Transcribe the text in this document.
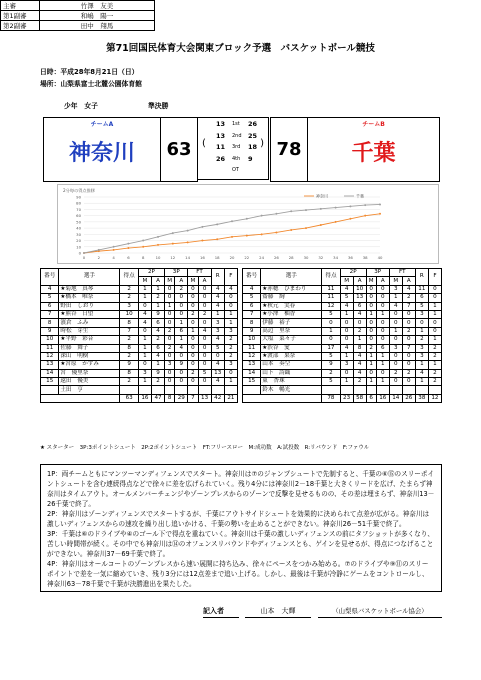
第71回国民体育大会関東ブロック予選　バスケットボール競技
日時：平成28年8月21日（日）
場所：山梨県富士北麓公園体育館
少年　女子	準決勝
主審	竹澤　友美
第1副審	和嶋　陽一
第2副審	田中　翔馬
チームA
神奈川	63	(	)
13 1st 26
13 2nd 25
11 3rd 18
26 4th 9
OT
78
チームB
千葉
2分毎の得点推移
0
10
20
30
40
50
60
70
80
90
0	2	4	6	8	10	12	14	16	18	20	22	24	26	28	30	32	34	36	38	40
神奈川	千葉
番号	選手	得点	2P		3P		FT		R	F
			M	A	M	A	M	A		
4	★菊地　真琴	2	1	1	0	2	0	0	4	4
5	★橋本　唯奈	2	1	2	0	0	0	0	4	0
6	野田　しおり	3	0	1	1	0	0	0	4	0
7	★熊谷　日望	10	4	9	0	0	2	2	1	1
8	濱倉　ふみ	8	4	6	0	1	0	0	3	1
9	時松　芽生	7	0	4	2	6	1	4	3	3
10	★平野　彩音	2	1	2	0	1	0	0	4	2
11	佐藤　舞子	8	1	6	2	4	0	0	5	2
12	深山　明樹	2	1	4	0	0	0	0	0	2
13	★宮原　かすみ	9	0	1	3	9	0	0	4	3
14	宮　優里奈	8	3	9	0	0	2	5	13	0
15	遠田　優美	2	1	2	0	0	0	0	4	1
	土田　亨									
		63	16	47	8	29	7	13	42	21
番号	選手	得点	2P		3P		FT		R	F
			M	A	M	A	M	A		
4	★赤穂　ひまわり	11	4	10	0	0	3	4	11	0
5	齋藤　絢	11	5	13	0	0	1	2	6	0
6	★秋元　実春	12	4	6	0	0	4	7	5	1
7	★小澤　柚香	5	1	4	1	1	0	0	3	1
8	伊藤　裕子	0	0	0	0	0	0	0	0	0
9	高辺　里奈	1	0	2	0	0	1	2	1	0
10	大塩　菜々子	0	0	1	0	0	0	0	2	1
11	★渋谷　愛	17	4	8	2	6	3	7	3	2
12	★渡部　果奈	5	1	4	1	1	0	0	3	2
13	山本　奏空	9	3	4	1	1	0	0	1	1
14	山下　詩織	2	0	4	0	0	2	2	4	2
15	東　杏珠	5	1	2	1	1	0	0	1	2
	鈴木　暢光									
		78	23	58	6	16	14	26	38	12
★ スターター　3P:3ポイントシュート　2P:2ポイントシュート　FT:フリースロー　M:成功数　A:試投数　R:リバウンド　F:ファウル

1P：両チームともにマンツーマンディフェンスでスタート。神奈川は⑦のジャンプシュートで先制すると、千葉の⑥⑮のスリーポイントシュートを含む連続得点などで徐々に差を広げられていく。残り4分には神奈川2－18千葉と大きくリードを広げ、たまらず神奈川はタイムアウト。オールメンバーチェンジやゾーンプレスからのゾーンで反撃を見せるものの、その差は埋まらず、神奈川13－26千葉で終了。

2P：神奈川はゾーンディフェンスでスタートするが、千葉にアウトサイドシュートを効果的に決められて点差が広がる。神奈川は激しいディフェンスからの速攻を繰り出し追いかける、千葉の勢いを止めることができない。神奈川26－51千葉で終了。

3P：千葉は⑥のドライブや④のゴール下で得点を重ねていく。神奈川は千葉の激しいディフェンスの前にタフショットが多くなり、苦しい時間帯が続く。その中でも神奈川は⑭のオフェンスリバウンドやディフェンスとも、ゲインを見せるが、得点につなげることができない。神奈川37－69千葉で終了。

4P：神奈川はオールコートのゾーンプレスから速い展開に持ち込み、徐々にペースをつかみ始める。⑦のドライブや⑨⑪のスリーポイントで差を一気に縮めていき、残り3分には12点差まで追い上げる。しかし、最後は千葉が冷静にゲームをコントロールし、神奈川63－78千葉で千葉が決勝進出を果たした。

記入者	山本　大輝	（山梨県バスケットボール協会）
